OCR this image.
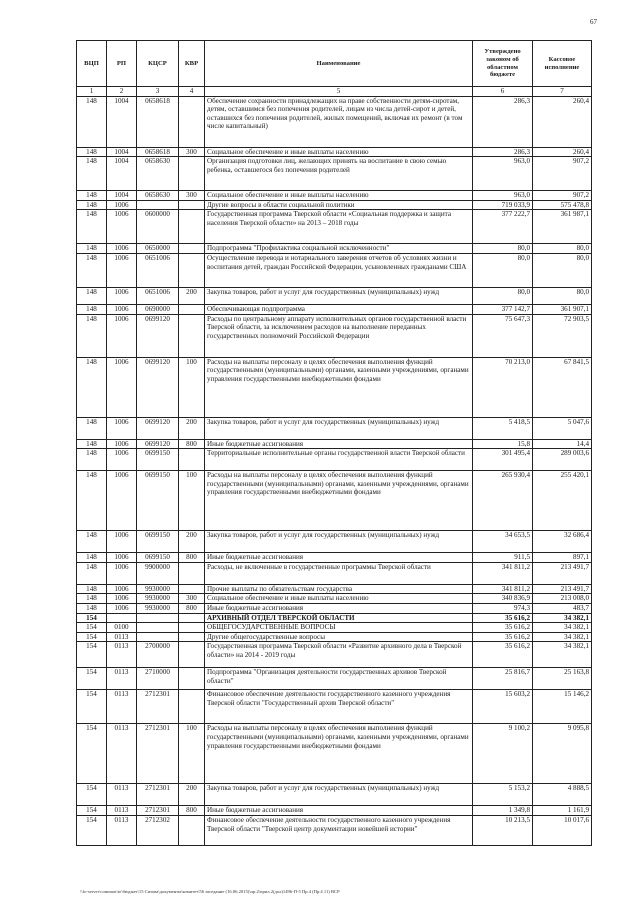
67
ВЦП	РП	КЦСР	КВР	Наименование	Утверждено законом об областном бюджете	Кассовое исполнение
1	2	3	4	5	6	7
148	1004	0658618		Обеспечение сохранности принадлежащих на праве собственности детям-сиротам, детям, оставшимся без попечения родителей, лицам из числа детей-сирот и детей, оставшихся без попечения родителей, жилых помещений, включая их ремонт (в том числе капитальный)	286,3	260,4
148	1004	0658618	300	Социальное обеспечение и иные выплаты населению	286,3	260,4
148	1004	0658630		Организация подготовки лиц, желающих принять на воспитание в свою семью ребенка, оставшегося без попечения родителей	963,0	907,2
148	1004	0658630	300	Социальное обеспечение и иные выплаты населению	963,0	907,2
148	1006			Другие вопросы в области социальной политики	719 033,9	575 478,8
148	1006	0600000		Государственная программа Тверской области «Социальная поддержка и защита населения Тверской области» на 2013 – 2018 годы	377 222,7	361 987,1
148	1006	0650000		Подпрограмма "Профилактика социальной исключенности"	80,0	80,0
148	1006	0651006		Осуществление перевода и нотариального заверения отчетов об условиях жизни и воспитания детей, граждан Российской Федерации, усыновленных гражданами США	80,0	80,0
148	1006	0651006	200	Закупка товаров, работ и услуг для государственных (муниципальных) нужд	80,0	80,0
148	1006	0690000		Обеспечивающая подпрограмма	377 142,7	361 907,1
148	1006	0699120		Расходы по центральному аппарату исполнительных органов государственной власти Тверской области, за исключением расходов на выполнение переданных государственных полномочий Российской Федерации	75 647,3	72 903,5
148	1006	0699120	100	Расходы на выплаты персоналу в целях обеспечения выполнения функций государственными (муниципальными) органами, казенными учреждениями, органами управления государственными внебюджетными фондами	70 213,0	67 841,5
148	1006	0699120	200	Закупка товаров, работ и услуг для государственных (муниципальных) нужд	5 418,5	5 047,6
148	1006	0699120	800	Иные бюджетные ассигнования	15,8	14,4
148	1006	0699150		Территориальные исполнительные органы государственной власти Тверской области	301 495,4	289 003,6
148	1006	0699150	100	Расходы на выплаты персоналу в целях обеспечения выполнения функций государственными (муниципальными) органами, казенными учреждениями, органами управления государственными внебюджетными фондами	265 930,4	255 420,1
148	1006	0699150	200	Закупка товаров, работ и услуг для государственных (муниципальных) нужд	34 653,5	32 686,4
148	1006	0699150	800	Иные бюджетные ассигнования	911,5	897,1
148	1006	9900000		Расходы, не включенные в государственные программы Тверской области	341 811,2	213 491,7
148	1006	9930000		Прочие выплаты по обязательствам государства	341 811,2	213 491,7
148	1006	9930000	300	Социальное обеспечение и иные выплаты населению	340 836,9	213 008,0
148	1006	9930000	800	Иные бюджетные ассигнования	974,3	483,7
154				АРХИВНЫЙ ОТДЕЛ ТВЕРСКОЙ ОБЛАСТИ	35 616,2	34 382,1
154	0100			ОБЩЕГОСУДАРСТВЕННЫЕ ВОПРОСЫ	35 616,2	34 382,1
154	0113			Другие общегосударственные вопросы	35 616,2	34 382,1
154	0113	2700000		Государственная программа Тверской области «Развитие архивного дела в Тверской области» на 2014 - 2019 годы	35 616,2	34 382,1
154	0113	2710000		Подпрограмма "Организация деятельности государственных архивов Тверской области"	25 816,7	25 163,8
154	0113	2712301		Финансовое обеспечение деятельности государственного казенного учреждения Тверской области "Государственный архив Тверской области"	15 603,2	15 146,2
154	0113	2712301	100	Расходы на выплаты персоналу в целях обеспечения выполнения функций государственными (муниципальными) органами, казенными учреждениями, органами управления государственными внебюджетными фондами	9 100,2	9 095,8
154	0113	2712301	200	Закупка товаров, работ и услуг для государственных (муниципальных) нужд	5 153,2	4 888,5
154	0113	2712301	800	Иные бюджетные ассигнования	1 349,8	1 161,9
154	0113	2712302		Финансовое обеспечение деятельности государственного казенного учреждения Тверской области "Тверской центр документации новейшей истории"	10 213,5	10 017,6
\\fo-server\common\to\бюджет\15 Сизова\документы\комитет\56 заседание (16.06.2015)\пр.2\прил.2(дол)1496-П-5 Пр.4 (Пр.4 11) ВСР
